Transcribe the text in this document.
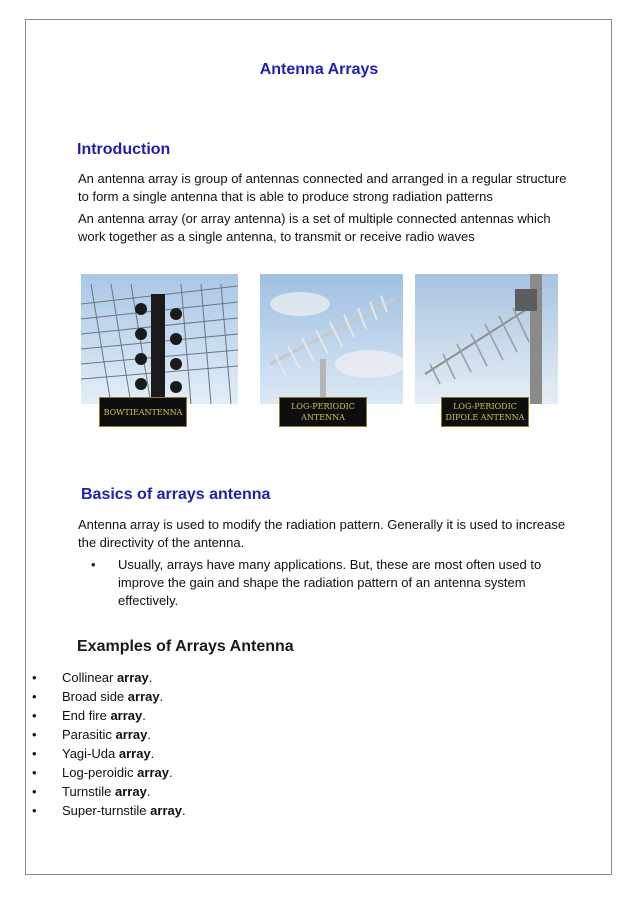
Antenna Arrays
Introduction

An antenna array is group of antennas connected and arranged in a regular structure

to form a single antenna that is able to produce strong radiation patterns

An antenna array (or array antenna) is a set of multiple connected antennas which

work together as a single antenna, to transmit or receive radio waves

BOWTIEANTENNA
LOG-PERIODIC
ANTENNA
LOG-PERIODIC
DIPOLE ANTENNA
Basics of arrays antenna

Antenna array is used to modify the radiation pattern. Generally it is used to increase

the directivity of the antenna.

• Usually, arrays have many applications. But, these are most often used to
improve the gain and shape the radiation pattern of an antenna system
effectively.
Examples of Arrays Antenna
• Collinear array.
• Broad side array.
• End fire array.
• Parasitic array.
• Yagi-Uda array.
• Log-peroidic array.
• Turnstile array.
• Super-turnstile array.
